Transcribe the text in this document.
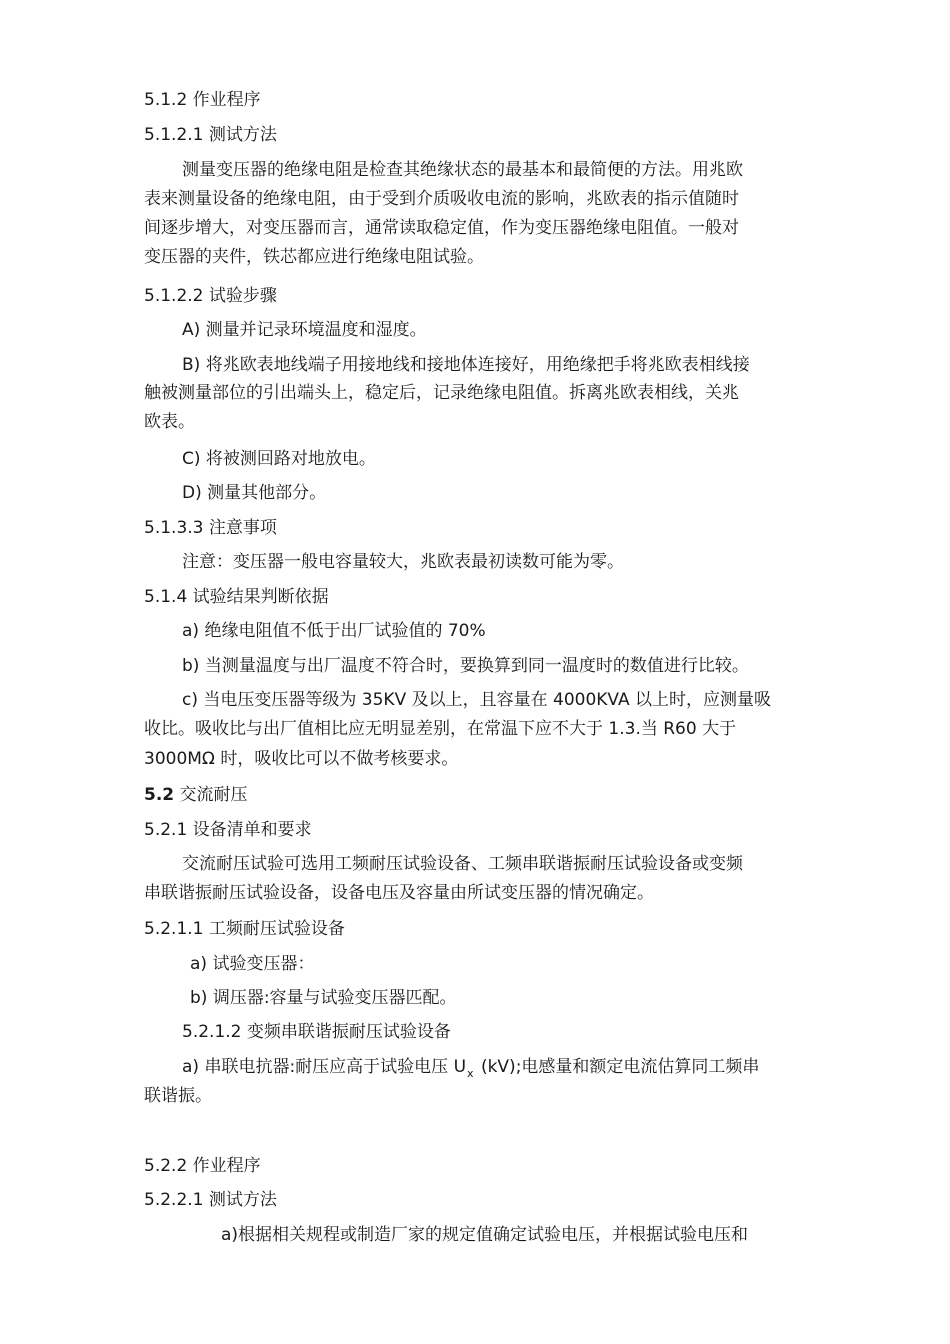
5.1.2 作业程序
5.1.2.1 测试方法
测量变压器的绝缘电阻是检查其绝缘状态的最基本和最简便的方法。用兆欧
表来测量设备的绝缘电阻，由于受到介质吸收电流的影响，兆欧表的指示值随时
间逐步增大，对变压器而言，通常读取稳定值，作为变压器绝缘电阻值。一般对
变压器的夹件，铁芯都应进行绝缘电阻试验。
5.1.2.2 试验步骤
A) 测量并记录环境温度和湿度。
B) 将兆欧表地线端子用接地线和接地体连接好，用绝缘把手将兆欧表相线接
触被测量部位的引出端头上，稳定后，记录绝缘电阻值。拆离兆欧表相线，关兆
欧表。
C) 将被测回路对地放电。
D) 测量其他部分。
5.1.3.3 注意事项
注意：变压器一般电容量较大，兆欧表最初读数可能为零。
5.1.4 试验结果判断依据
a) 绝缘电阻值不低于出厂试验值的 70%
b) 当测量温度与出厂温度不符合时，要换算到同一温度时的数值进行比较。
c) 当电压变压器等级为 35KV 及以上，且容量在 4000KVA 以上时，应测量吸
收比。吸收比与出厂值相比应无明显差别，在常温下应不大于 1.3.当 R60 大于
3000MΩ 时，吸收比可以不做考核要求。
5.2 交流耐压
5.2.1 设备清单和要求
交流耐压试验可选用工频耐压试验设备、工频串联谐振耐压试验设备或变频
串联谐振耐压试验设备，设备电压及容量由所试变压器的情况确定。
5.2.1.1 工频耐压试验设备
a) 试验变压器：
b) 调压器:容量与试验变压器匹配。
5.2.1.2 变频串联谐振耐压试验设备
a) 串联电抗器:耐压应高于试验电压 $U_x$ (kV);电感量和额定电流估算同工频串
联谐振。
5.2.2 作业程序
5.2.2.1 测试方法
a)根据相关规程或制造厂家的规定值确定试验电压，并根据试验电压和
